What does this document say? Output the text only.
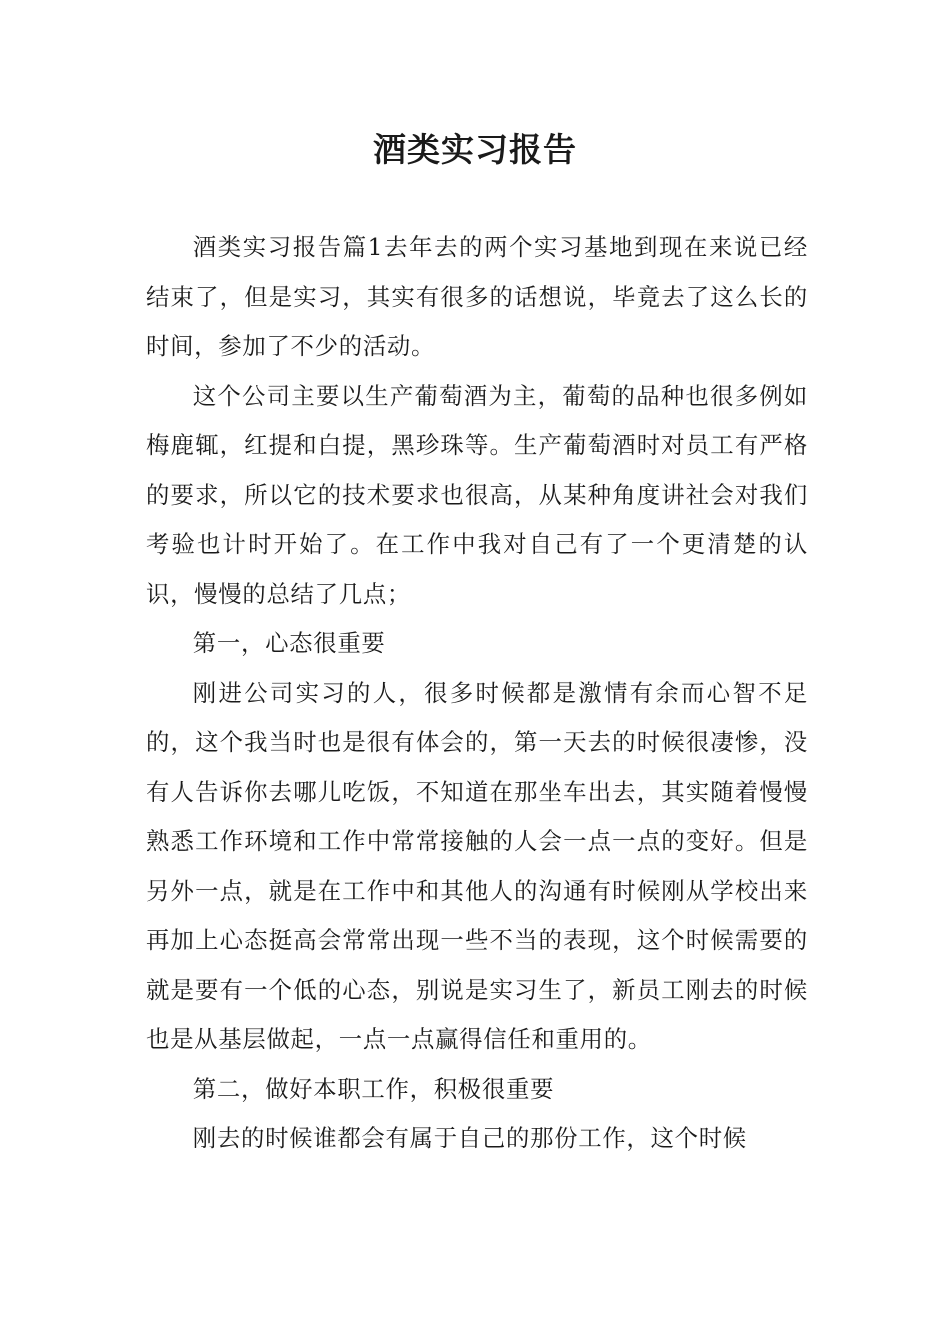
酒类实习报告

酒类实习报告篇1去年去的两个实习基地到现在来说已经结束了，但是实习，其实有很多的话想说，毕竟去了这么长的时间，参加了不少的活动。

这个公司主要以生产葡萄酒为主，葡萄的品种也很多例如梅鹿辄，红提和白提，黑珍珠等。生产葡萄酒时对员工有严格的要求，所以它的技术要求也很高，从某种角度讲社会对我们考验也计时开始了。在工作中我对自己有了一个更清楚的认识，慢慢的总结了几点；

第一，心态很重要

刚进公司实习的人，很多时候都是激情有余而心智不足的，这个我当时也是很有体会的，第一天去的时候很凄惨，没有人告诉你去哪儿吃饭，不知道在那坐车出去，其实随着慢慢熟悉工作环境和工作中常常接触的人会一点一点的变好。但是另外一点，就是在工作中和其他人的沟通有时候刚从学校出来再加上心态挺高会常常出现一些不当的表现，这个时候需要的就是要有一个低的心态，别说是实习生了，新员工刚去的时候也是从基层做起，一点一点赢得信任和重用的。

第二，做好本职工作，积极很重要

刚去的时候谁都会有属于自己的那份工作，这个时候
